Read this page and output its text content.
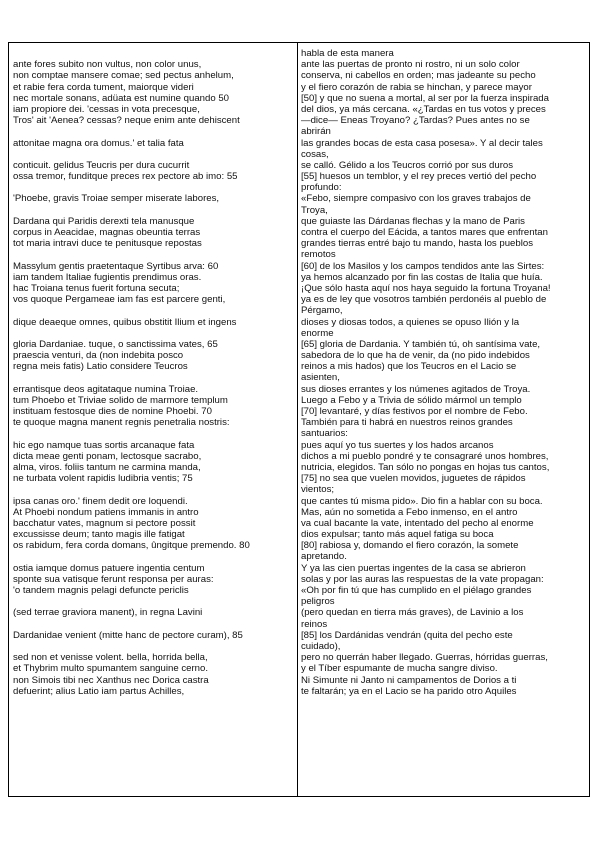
ante fores subito non vultus, non color unus,
non comptae mansere comae; sed pectus anhelum,
et rabie fera corda tument, maiorque videri
nec mortale sonans, adüata est numine quando 50
iam propiore dei. 'cessas in vota precesque,
Tros' ait 'Aenea? cessas? neque enim ante dehiscent
attonitae magna ora domus.' et talia fata
conticuit. gelidus Teucris per dura cucurrit
ossa tremor, funditque preces rex pectore ab imo: 55
'Phoebe, gravis Troiae semper miserate labores,
Dardana qui Paridis derexti tela manusque
corpus in Aeacidae, magnas obeuntia terras
tot maria intravi duce te penitusque repostas
Massylum gentis praetentaque Syrtibus arva: 60
iam tandem Italiae fugientis prendimus oras.
hac Troiana tenus fuerit fortuna secuta;
vos quoque Pergameae iam fas est parcere genti,
dique deaeque omnes, quibus obstitit Ilium et ingens
gloria Dardaniae. tuque, o sanctissima vates, 65
praescia venturi, da (non indebita posco
regna meis fatis) Latio considere Teucros
errantisque deos agitataque numina Troiae.
tum Phoebo et Triviae solido de marmore templum
instituam festosque dies de nomine Phoebi. 70
te quoque magna manent regnis penetralia nostris:
hic ego namque tuas sortis arcanaque fata
dicta meae genti ponam, lectosque sacrabo,
alma, viros. foliis tantum ne carmina manda,
ne turbata volent rapidis ludibria ventis; 75
ipsa canas oro.' finem dedit ore loquendi.
At Phoebi nondum patiens immanis in antro
bacchatur vates, magnum si pectore possit
excussisse deum; tanto magis ille fatigat
os rabidum, fera corda domans, ûngitque premendo. 80
ostia iamque domus patuere ingentia centum
sponte sua vatisque ferunt responsa per auras:
'o tandem magnis pelagi defuncte periclis
(sed terrae graviora manent), in regna Lavini
Dardanidae venient (mitte hanc de pectore curam), 85
sed non et venisse volent. bella, horrida bella,
et Thybrim multo spumantem sanguine cerno.
non Simois tibi nec Xanthus nec Dorica castra
defuerint; alius Latio iam partus Achilles,
habla de esta manera
ante las puertas de pronto ni rostro, ni un solo color
conserva, ni cabellos en orden; mas jadeante su pecho
y el fiero corazón de rabia se hinchan, y parece mayor
[50] y que no suena a mortal, al ser por la fuerza inspirada
del dios, ya más cercana. «¿Tardas en tus votos y preces
—dice— Eneas Troyano? ¿Tardas? Pues antes no se
abrirán
las grandes bocas de esta casa posesa». Y al decir tales
cosas,
se calló. Gélido a los Teucros corrió por sus duros
[55] huesos un temblor, y el rey preces vertió del pecho
profundo:
«Febo, siempre compasivo con los graves trabajos de
Troya,
que guiaste las Dárdanas flechas y la mano de Paris
contra el cuerpo del Eácida, a tantos mares que enfrentan
grandes tierras entré bajo tu mando, hasta los pueblos
remotos
[60] de los Masilos y los campos tendidos ante las Sirtes:
ya hemos alcanzado por fin las costas de Italia que huía.
¡Que sólo hasta aquí nos haya seguido la fortuna Troyana!
ya es de ley que vosotros también perdonéis al pueblo de
Pérgamo,
dioses y diosas todos, a quienes se opuso Ilión y la
enorme
[65] gloria de Dardania. Y también tú, oh santísima vate,
sabedora de lo que ha de venir, da (no pido indebidos
reinos a mis hados) que los Teucros en el Lacio se
asienten,
sus dioses errantes y los númenes agitados de Troya.
Luego a Febo y a Trivia de sólido mármol un templo
[70] levantaré, y días festivos por el nombre de Febo.
También para ti habrá en nuestros reinos grandes
santuarios:
pues aquí yo tus suertes y los hados arcanos
dichos a mi pueblo pondré y te consagraré unos hombres,
nutricia, elegidos. Tan sólo no pongas en hojas tus cantos,
[75] no sea que vuelen movidos, juguetes de rápidos
vientos;
que cantes tú misma pido». Dio fin a hablar con su boca.
Mas, aún no sometida a Febo inmenso, en el antro
va cual bacante la vate, intentado del pecho al enorme
dios expulsar; tanto más aquel fatiga su boca
[80] rabiosa y, domando el fiero corazón, la somete
apretando.
Y ya las cien puertas ingentes de la casa se abrieron
solas y por las auras las respuestas de la vate propagan:
«Oh por fin tú que has cumplido en el piélago grandes
peligros
(pero quedan en tierra más graves), de Lavinio a los
reinos
[85] los Dardánidas vendrán (quita del pecho este
cuidado),
pero no querrán haber llegado. Guerras, hórridas guerras,
y el Tíber espumante de mucha sangre diviso.
Ni Simunte ni Janto ni campamentos de Dorios a ti
te faltarán; ya en el Lacio se ha parido otro Aquiles
